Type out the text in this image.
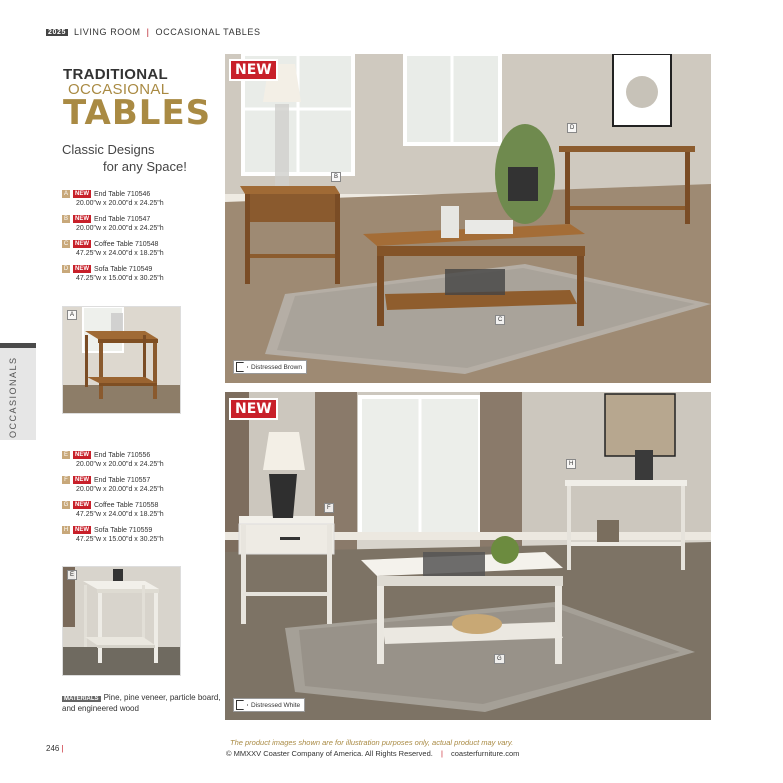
2025 LIVING ROOM | OCCASIONAL TABLES
TRADITIONAL
OCCASIONAL
TABLES
Classic Designs
for any Space!
A NEW End Table 710546
20.00"w x 20.00"d x 24.25"h
B NEW End Table 710547
20.00"w x 20.00"d x 24.25"h
C NEW Coffee Table 710548
47.25"w x 24.00"d x 18.25"h
D NEW Sofa Table 710549
47.25"w x 15.00"d x 30.25"h
A
OCCASIONALS
E NEW End Table 710556
20.00"w x 20.00"d x 24.25"h
F NEW End Table 710557
20.00"w x 20.00"d x 24.25"h
G NEW Coffee Table 710558
47.25"w x 24.00"d x 18.25"h
H NEW Sofa Table 710559
47.25"w x 15.00"d x 30.25"h
E
MATERIALS Pine, pine veneer, particle board, and engineered wood
NEW
B
C
D
Distressed Brown
NEW
F
G
H
Distressed White
246 |
The product images shown are for illustration purposes only, actual product may vary.
© MMXXV Coaster Company of America. All Rights Reserved. | coasterfurniture.com
